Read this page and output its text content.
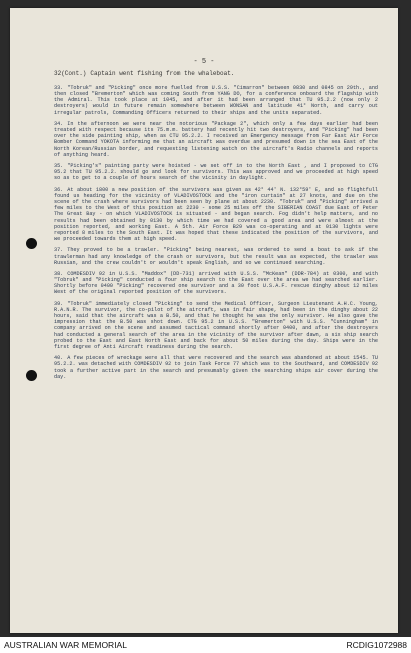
- 5 -

32(Cont.) Captain went fishing from the whaleboat.

33. "Tobruk" and "Picking" once more fuelled from U.S.S. "Cimarron" between 0830 and 0845 on 29th., and then closed "Bremerton" which was coming South from YANG DO, for a conference onboard the flagship with the Admiral. This took place at 1045, and after it had been arranged that TU 95.2.2 (now only 2 destroyers) would in future remain somewhere between WONSAN and latitude 41° North, and carry out irregular patrols, Commanding Officers returned to their ships and the units separated.

34. In the afternoon we were near the notorious "Package 2", which only a few days earlier had been treated with respect because its 75.m.m. battery had recently hit two destroyers, and "Picking" had been over the side painting ship, when as CTU 95.2.2. I received an Emergency message from Far East Air Force Bomber Command YOKOTA informing me that an aircraft was overdue and presumed down in the sea East of the North Korean/Russian border, and requesting listening watch on the aircraft's Radio channels and reports of anything heard.

35. "Picking's" painting party were hoisted - we set off in to the North East , and I proposed to CTG 95.2 that TU 95.2.2. should go and look for survivors. This was approved and we proceeded at high speed so as to get to a couple of hours search of the vicinity in daylight.

36. At about 1800 a new position of the survivors was given as 42° 44' N. 132°59' E, and so flightfull found us heading for the vicinity of VLADIVOSTOCK and the "iron curtain" at 27 knots, and due on the scene of the crash where survivors had been seen by plane at about 2230. "Tobruk" and "Picking" arrived a few miles to the West of this position at 2230 - some 25 miles off the SIBERIAN COAST due East of Peter The Great Bay - on which VLADIVOSTOCK is situated - and began search. Fog didn't help matters, and no results had been obtained by 0130 by which time we had covered a good area and were almost at the position reported, and working East. A 5th. Air Force B29 was co-operating and at 0130 lights were reported 8 miles to the South East. It was hoped that these indicated the position of the survivors, and we proceeded towards them at high speed.

37. They proved to be a trawler. "Picking" being nearest, was ordered to send a boat to ask if the trawlerman had any knowledge of the crash or survivors, but the result was as expected, the trawler was Russian, and the crew couldn't or wouldn't speak English, and so we continued searching.

38. COMDESDIV 92 in U.S.S. "Maddox" (DD-731) arrived with U.S.S. "McKean" (DDR-784) at 0300, and with "Tobruk" and "Picking" conducted a four ship search to the East over the area we had searched earlier. Shortly before 0400 "Picking" recovered one survivor and a 30 foot U.S.A.F. rescue dinghy about 12 miles West of the original reported position of the survivors.

39. "Tobruk" immediately closed "Picking" to send the Medical Officer, Surgeon Lieutenant A.H.C. Young, R.A.N.R. The survivor, the co-pilot of the aircraft, was in fair shape, had been in the dinghy about 22 hours, said that the aircraft was a B.50, and that he thought he was the only survivor. He also gave the impression that the B.50 was shot down. CTG 95.2 in U.S.S. "Bremerton" with U.S.S. "Cunningham" in company arrived on the scene and assumed tactical command shortly after 0400, and after the destroyers had conducted a general search of the area in the vicinity of the survivor after dawn, a six ship search probed to the East and East North East and back for about 50 miles during the day. Ships were in the first degree of Anti Aircraft readiness during the search.

40. A few pieces of wreckage were all that were recovered and the search was abandoned at about 1545. TU 95.2.2. was detached with COMDESDIV 92 to join Task Force 77 which was to the Southward, and COMDESDIV 92 took a further active part in the search and presumably given the searching ships air cover during the day.

AUSTRALIAN WAR MEMORIAL	RCDIG1072988
